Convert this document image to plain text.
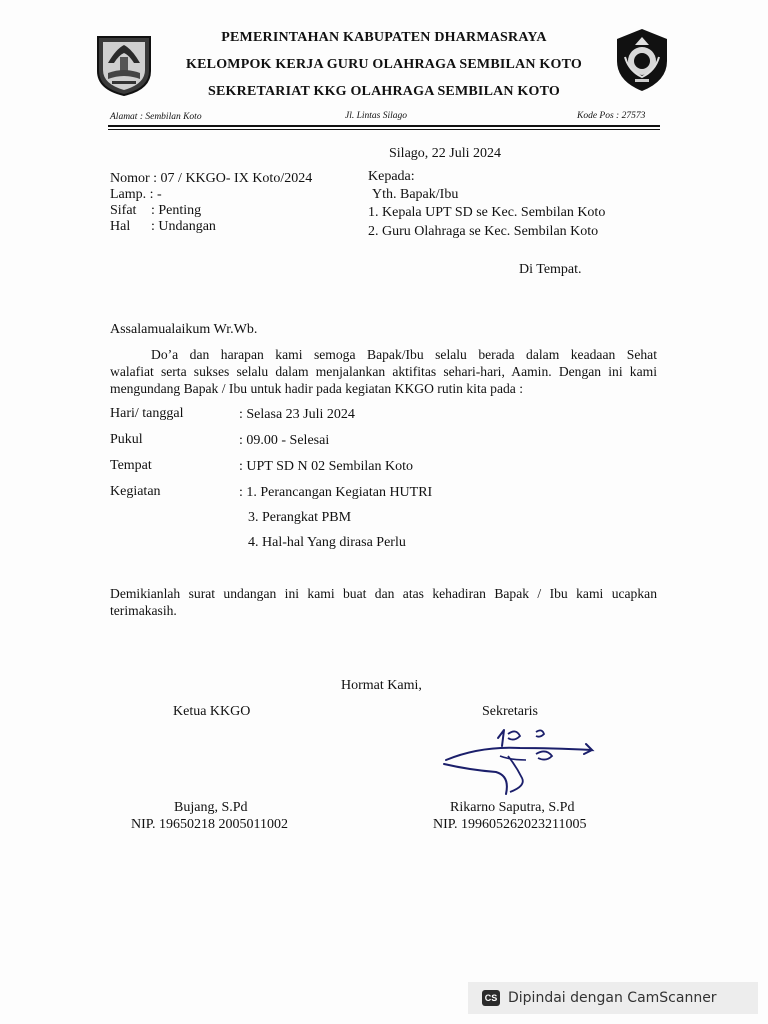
PEMERINTAHAN KABUPATEN DHARMASRAYA
KELOMPOK KERJA GURU OLAHRAGA SEMBILAN KOTO
SEKRETARIAT KKG OLAHRAGA SEMBILAN KOTO
Alamat : Sembilan Koto	Jl. Lintas Silago	Kode Pos : 27573
Silago, 22 Juli 2024
Nomor : 07 / KKGO- IX Koto/2024
Lamp. : -
Sifat : Penting
Hal : Undangan
Kepada:
Yth. Bapak/Ibu
1. Kepala UPT SD se Kec. Sembilan Koto
2. Guru Olahraga se Kec. Sembilan Koto
Di Tempat.
Assalamualaikum Wr.Wb.
Do’a dan harapan kami semoga Bapak/Ibu selalu berada dalam keadaan Sehat
walafiat serta sukses selalu dalam menjalankan aktifitas sehari-hari, Aamin. Dengan ini kami
mengundang Bapak / Ibu untuk hadir pada kegiatan KKGO rutin kita pada :
Hari/ tanggal	: Selasa 23 Juli 2024
Pukul	: 09.00 - Selesai
Tempat	: UPT SD N 02 Sembilan Koto
Kegiatan	: 1. Perancangan Kegiatan HUTRI
3. Perangkat PBM
4. Hal-hal Yang dirasa Perlu
Demikianlah surat undangan ini kami buat dan atas kehadiran Bapak / Ibu kami ucapkan
terimakasih.
Hormat Kami,
Ketua KKGO	Sekretaris
Bujang, S.Pd
NIP. 19650218 2005011002
Rikarno Saputra, S.Pd
NIP. 199605262023211005
CS Dipindai dengan CamScanner
